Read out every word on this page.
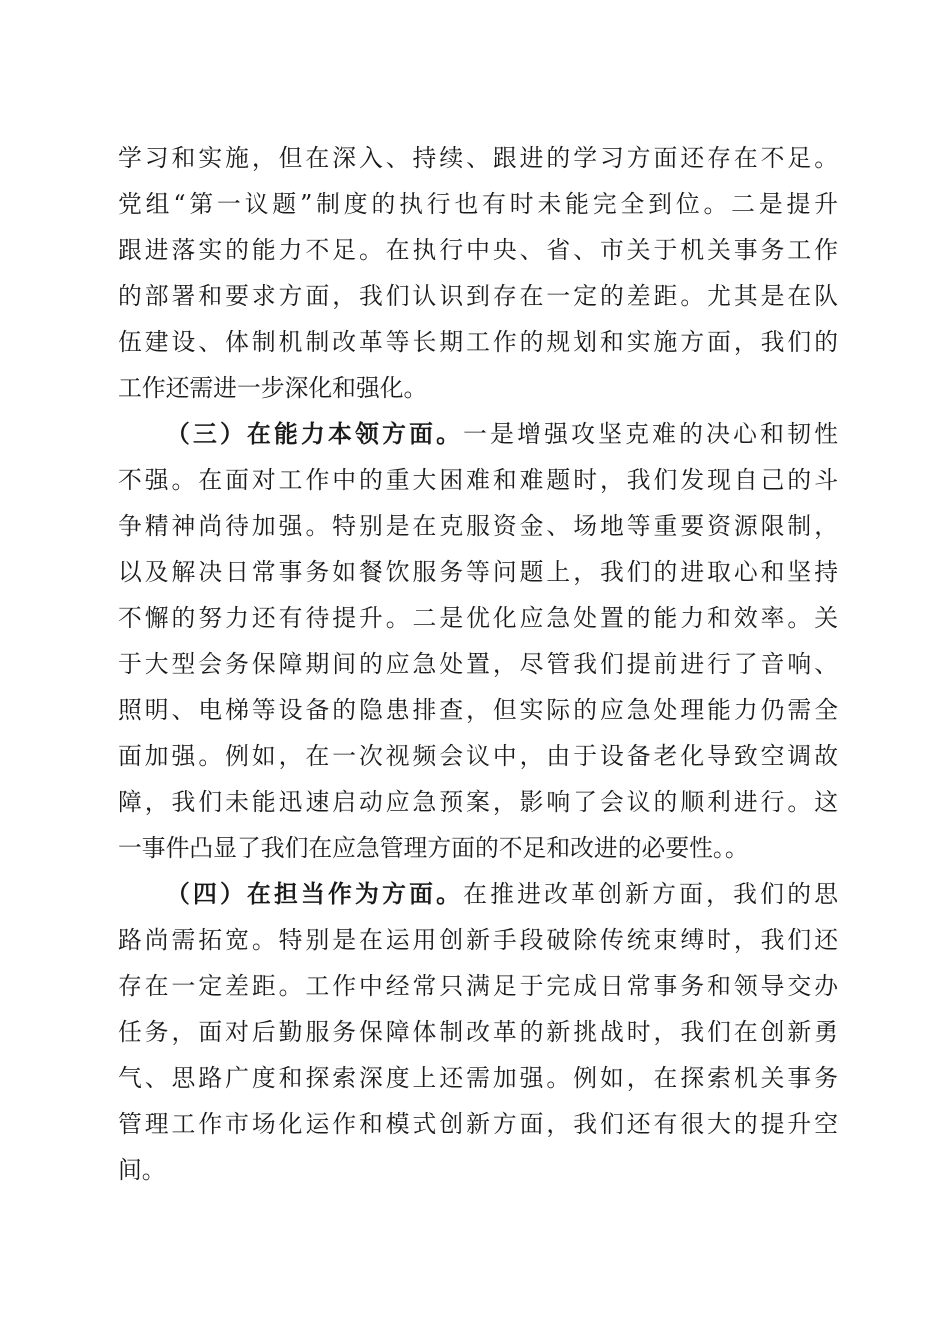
学习和实施，但在深入、持续、跟进的学习方面还存在不足。
党组“第一议题”制度的执行也有时未能完全到位。二是提升
跟进落实的能力不足。在执行中央、省、市关于机关事务工作
的部署和要求方面，我们认识到存在一定的差距。尤其是在队
伍建设、体制机制改革等长期工作的规划和实施方面，我们的
工作还需进一步深化和强化。
（三）在能力本领方面。一是增强攻坚克难的决心和韧性
不强。在面对工作中的重大困难和难题时，我们发现自己的斗
争精神尚待加强。特别是在克服资金、场地等重要资源限制，
以及解决日常事务如餐饮服务等问题上，我们的进取心和坚持
不懈的努力还有待提升。二是优化应急处置的能力和效率。关
于大型会务保障期间的应急处置，尽管我们提前进行了音响、
照明、电梯等设备的隐患排查，但实际的应急处理能力仍需全
面加强。例如，在一次视频会议中，由于设备老化导致空调故
障，我们未能迅速启动应急预案，影响了会议的顺利进行。这
一事件凸显了我们在应急管理方面的不足和改进的必要性。。
（四）在担当作为方面。在推进改革创新方面，我们的思
路尚需拓宽。特别是在运用创新手段破除传统束缚时，我们还
存在一定差距。工作中经常只满足于完成日常事务和领导交办
任务，面对后勤服务保障体制改革的新挑战时，我们在创新勇
气、思路广度和探索深度上还需加强。例如，在探索机关事务
管理工作市场化运作和模式创新方面，我们还有很大的提升空
间。
